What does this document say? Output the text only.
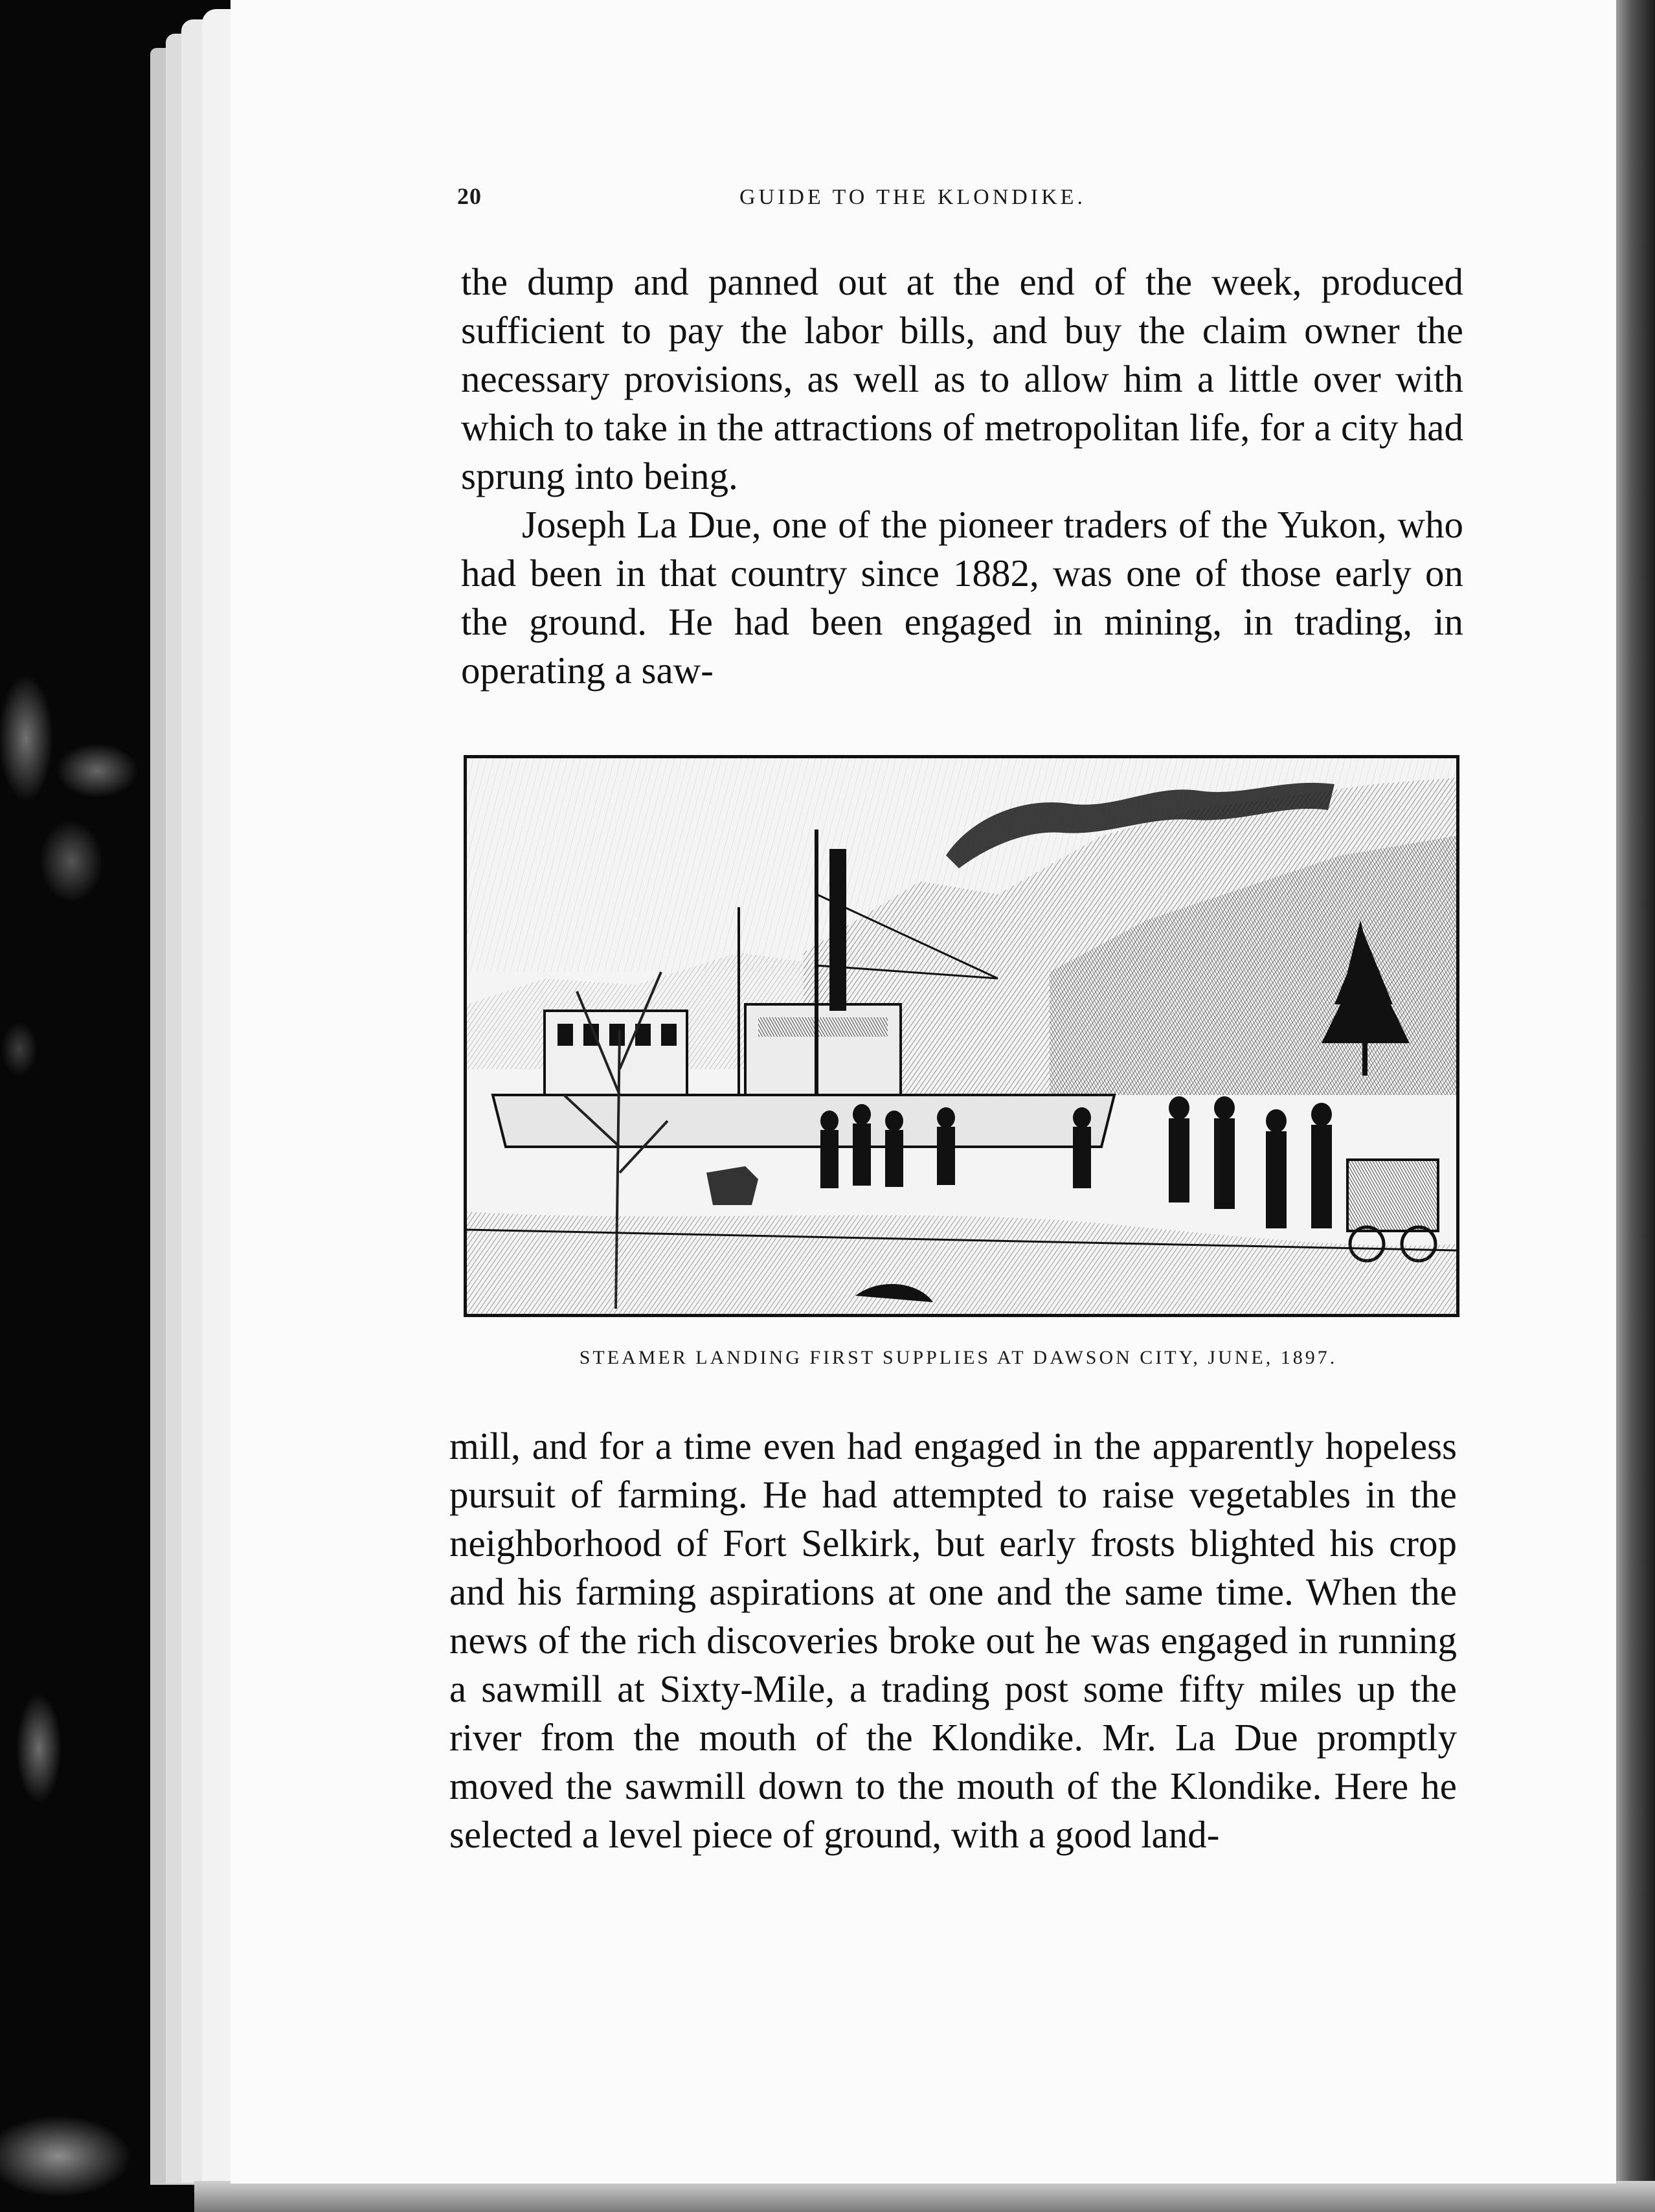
20	GUIDE TO THE KLONDIKE.

the dump and panned out at the end of the week, produced sufficient to pay the labor bills, and buy the claim owner the necessary provisions, as well as to allow him a little over with which to take in the attractions of metropolitan life, for a city had sprung into being.

Joseph La Due, one of the pioneer traders of the Yukon, who had been in that country since 1882, was one of those early on the ground. He had been engaged in mining, in trading, in operating a saw-

STEAMER LANDING FIRST SUPPLIES AT DAWSON CITY, JUNE, 1897.

mill, and for a time even had engaged in the apparently hopeless pursuit of farming. He had attempted to raise vegetables in the neighborhood of Fort Selkirk, but early frosts blighted his crop and his farming aspirations at one and the same time. When the news of the rich discoveries broke out he was engaged in running a sawmill at Sixty-Mile, a trading post some fifty miles up the river from the mouth of the Klondike. Mr. La Due promptly moved the sawmill down to the mouth of the Klondike. Here he selected a level piece of ground, with a good land-
